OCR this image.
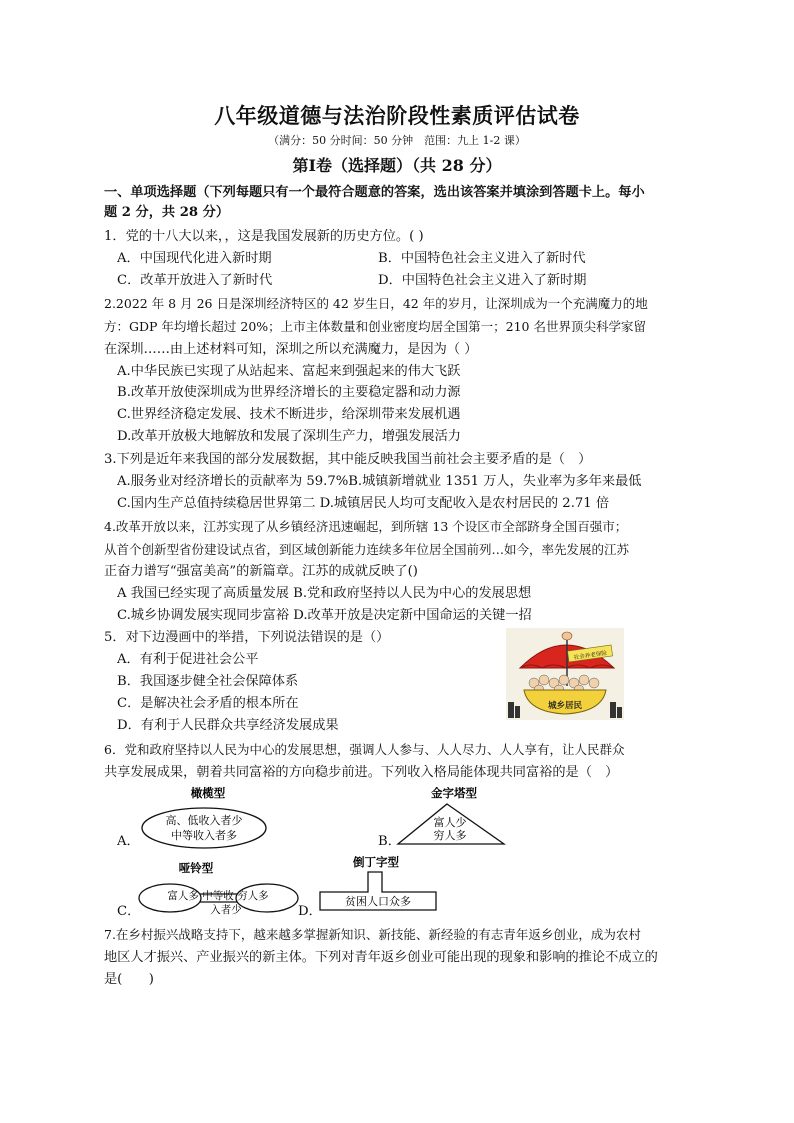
八年级道德与法治阶段性素质评估试卷
（满分：50 分时间：50 分钟　范围：九上 1-2 课）
第Ⅰ卷（选择题）（共 28 分）
一、单项选择题（下列每题只有一个最符合题意的答案，选出该答案并填涂到答题卡上。每小
题 2 分，共 28 分）
1．党的十八大以来，，这是我国发展新的历史方位。( )
A．中国现代化进入新时期	B．中国特色社会主义进入了新时代
C．改革开放进入了新时代	D．中国特色社会主义进入了新时期
2.2022 年 8 月 26 日是深圳经济特区的 42 岁生日，42 年的岁月，让深圳成为一个充满魔力的地
方：GDP 年均增长超过 20%；上市主体数量和创业密度均居全国第一；210 名世界顶尖科学家留
在深圳……由上述材料可知，深圳之所以充满魔力，是因为（ ）
A.中华民族已实现了从站起来、富起来到强起来的伟大飞跃
B.改革开放使深圳成为世界经济增长的主要稳定器和动力源
C.世界经济稳定发展、技术不断进步，给深圳带来发展机遇
D.改革开放极大地解放和发展了深圳生产力，增强发展活力
3.下列是近年来我国的部分发展数据，其中能反映我国当前社会主要矛盾的是（　）
A.服务业对经济增长的贡献率为 59.7%B.城镇新增就业 1351 万人，失业率为多年来最低
C.国内生产总值持续稳居世界第二 D.城镇居民人均可支配收入是农村居民的 2.71 倍
4.改革开放以来，江苏实现了从乡镇经济迅速崛起，到所辖 13 个设区市全部跻身全国百强市；
从首个创新型省份建设试点省，到区域创新能力连续多年位居全国前列…如今，率先发展的江苏
正奋力谱写“强富美高”的新篇章。江苏的成就反映了()
A 我国已经实现了高质量发展 B.党和政府坚持以人民为中心的发展思想
C.城乡协调发展实现同步富裕 D.改革开放是决定新中国命运的关键一招
5．对下边漫画中的举措，下列说法错误的是（）
A．有利于促进社会公平
B．我国逐步健全社会保障体系
C．是解决社会矛盾的根本所在
D．有利于人民群众共享经济发展成果
社会养老保险
城乡居民
6．党和政府坚持以人民为中心的发展思想，强调人人参与、人人尽力、人人享有，让人民群众
共享发展成果，朝着共同富裕的方向稳步前进。下列收入格局能体现共同富裕的是（　）
A．
橄榄型
高、低收入者少
中等收入者多	B．
金字塔型
富人少
穷人多
C．
哑铃型
富人多 中等收 穷人多
入者少	D．
倒丁字型
贫困人口众多
7.在乡村振兴战略支持下，越来越多掌握新知识、新技能、新经验的有志青年返乡创业，成为农村
地区人才振兴、产业振兴的新主体。下列对青年返乡创业可能出现的现象和影响的推论不成立的
是(　　)
